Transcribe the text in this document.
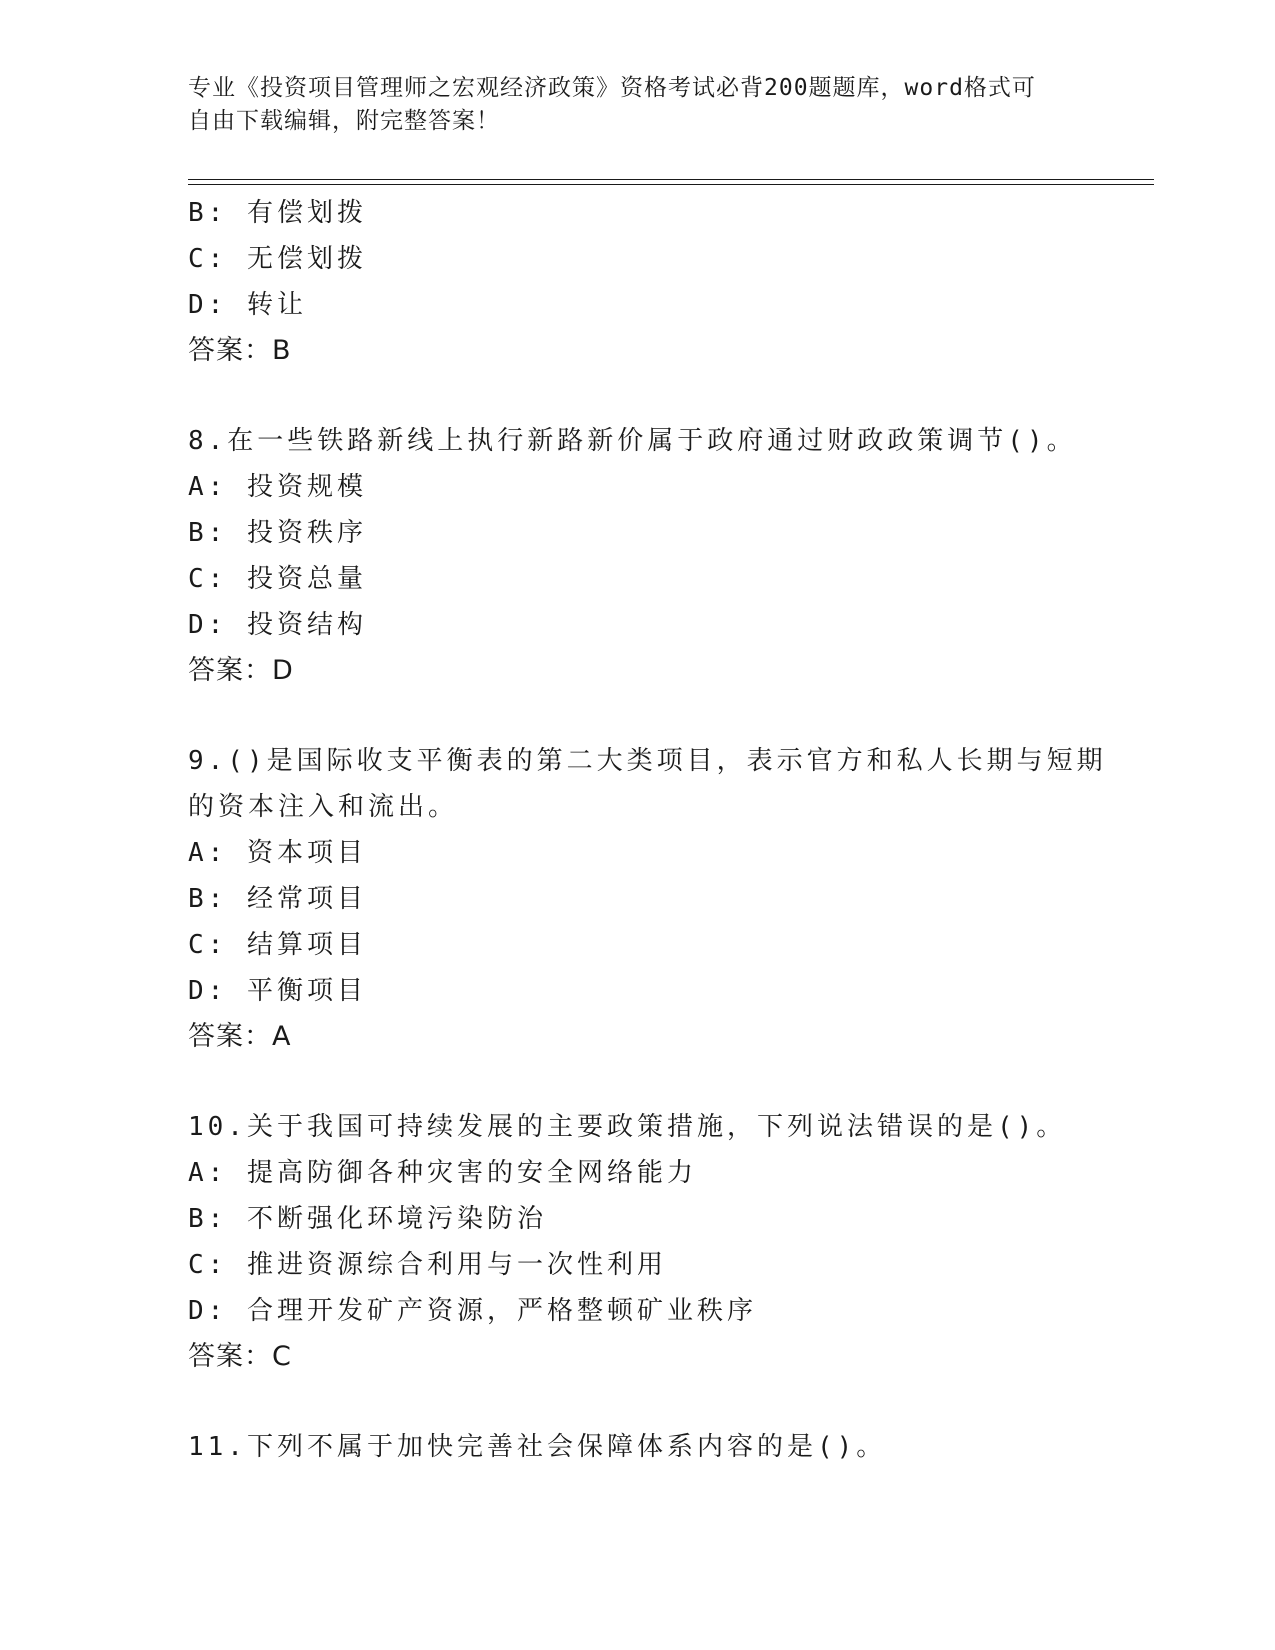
专业《投资项目管理师之宏观经济政策》资格考试必背200题题库，word格式可
自由下载编辑，附完整答案！
B: 有偿划拨
C: 无偿划拨
D: 转让
答案：B
8.在一些铁路新线上执行新路新价属于政府通过财政政策调节()。
A: 投资规模
B: 投资秩序
C: 投资总量
D: 投资结构
答案：D
9.()是国际收支平衡表的第二大类项目，表示官方和私人长期与短期
的资本注入和流出。
A: 资本项目
B: 经常项目
C: 结算项目
D: 平衡项目
答案：A
10.关于我国可持续发展的主要政策措施，下列说法错误的是()。
A: 提高防御各种灾害的安全网络能力
B: 不断强化环境污染防治
C: 推进资源综合利用与一次性利用
D: 合理开发矿产资源，严格整顿矿业秩序
答案：C
11.下列不属于加快完善社会保障体系内容的是()。
